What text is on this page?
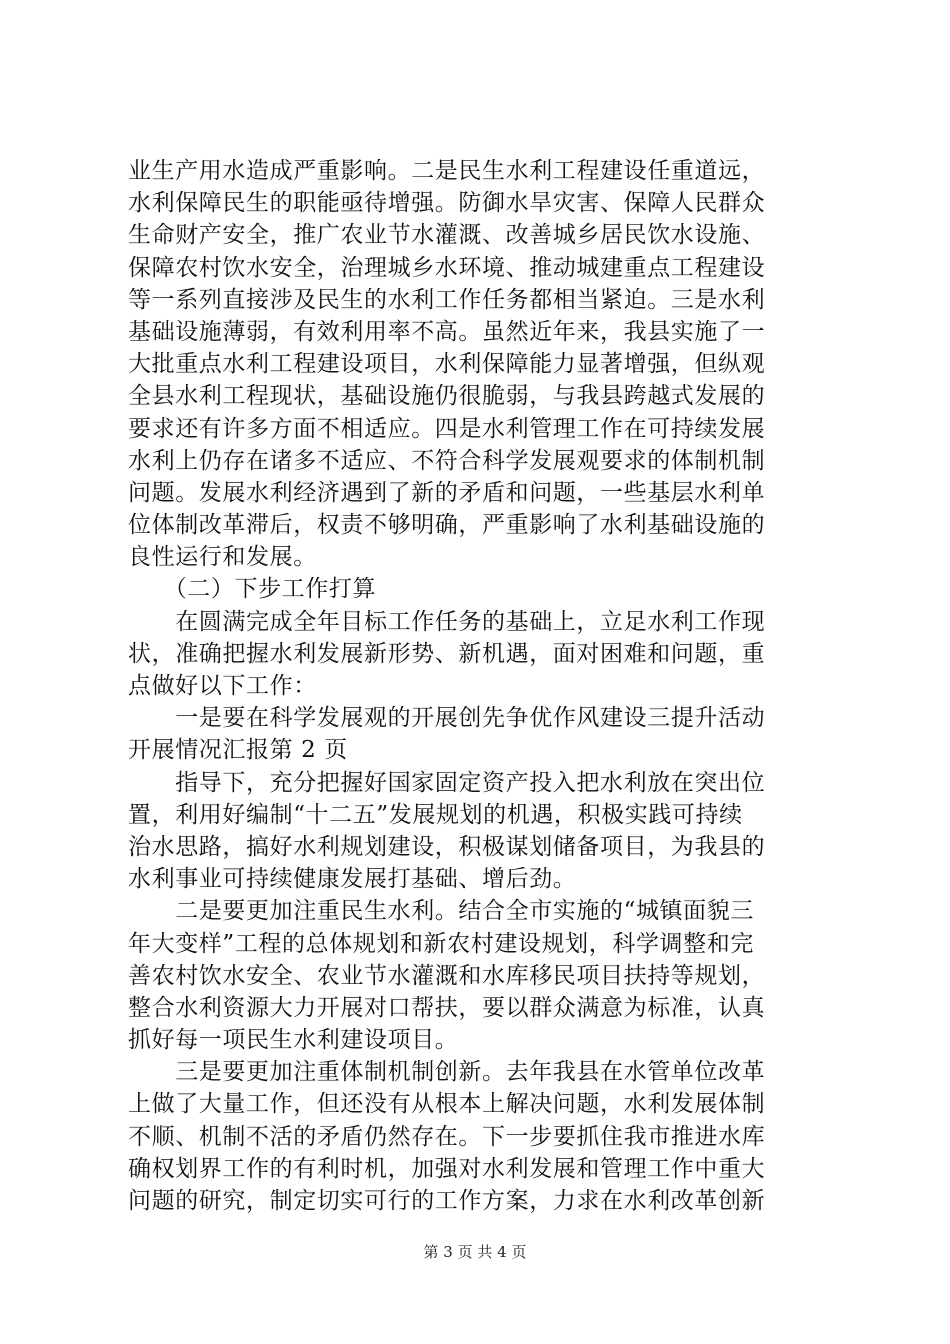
业生产用水造成严重影响。二是民生水利工程建设任重道远，
水利保障民生的职能亟待增强。防御水旱灾害、保障人民群众
生命财产安全，推广农业节水灌溉、改善城乡居民饮水设施、
保障农村饮水安全，治理城乡水环境、推动城建重点工程建设
等一系列直接涉及民生的水利工作任务都相当紧迫。三是水利
基础设施薄弱，有效利用率不高。虽然近年来，我县实施了一
大批重点水利工程建设项目，水利保障能力显著增强，但纵观
全县水利工程现状，基础设施仍很脆弱，与我县跨越式发展的
要求还有许多方面不相适应。四是水利管理工作在可持续发展
水利上仍存在诸多不适应、不符合科学发展观要求的体制机制
问题。发展水利经济遇到了新的矛盾和问题，一些基层水利单
位体制改革滞后，权责不够明确，严重影响了水利基础设施的
良性运行和发展。
　　（二）下步工作打算
　　在圆满完成全年目标工作任务的基础上，立足水利工作现
状，准确把握水利发展新形势、新机遇，面对困难和问题，重
点做好以下工作：
　　一是要在科学发展观的开展创先争优作风建设三提升活动
开展情况汇报第 2 页
　　指导下，充分把握好国家固定资产投入把水利放在突出位
置，利用好编制“十二五”发展规划的机遇，积极实践可持续
治水思路，搞好水利规划建设，积极谋划储备项目，为我县的
水利事业可持续健康发展打基础、增后劲。
　　二是要更加注重民生水利。结合全市实施的“城镇面貌三
年大变样”工程的总体规划和新农村建设规划，科学调整和完
善农村饮水安全、农业节水灌溉和水库移民项目扶持等规划，
整合水利资源大力开展对口帮扶，要以群众满意为标准，认真
抓好每一项民生水利建设项目。
　　三是要更加注重体制机制创新。去年我县在水管单位改革
上做了大量工作，但还没有从根本上解决问题，水利发展体制
不顺、机制不活的矛盾仍然存在。下一步要抓住我市推进水库
确权划界工作的有利时机，加强对水利发展和管理工作中重大
问题的研究，制定切实可行的工作方案，力求在水利改革创新
第 3 页 共 4 页
